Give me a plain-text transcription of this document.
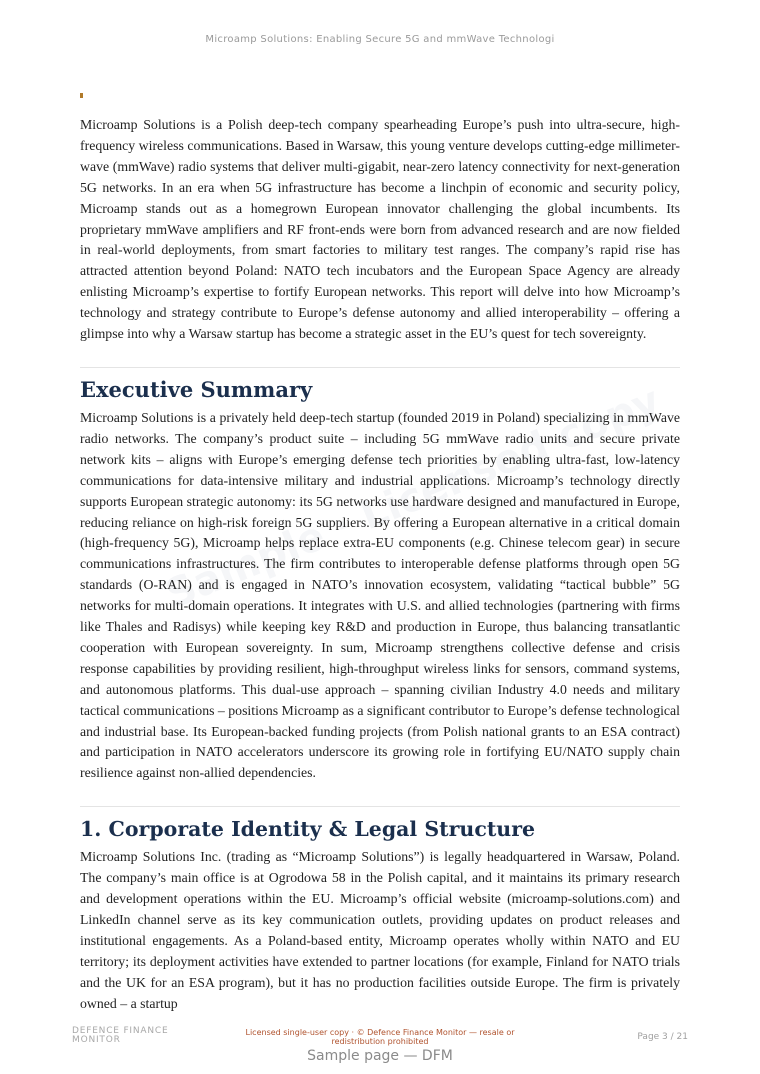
Microamp Solutions: Enabling Secure 5G and mmWave Technologi

Microamp Solutions is a Polish deep-tech company spearheading Europe’s push into ultra-secure, high-frequency wireless communications. Based in Warsaw, this young venture develops cutting-edge millimeter-wave (mmWave) radio systems that deliver multi-gigabit, near-zero latency connectivity for next-generation 5G networks. In an era when 5G infrastructure has become a linchpin of economic and security policy, Microamp stands out as a homegrown European innovator challenging the global incumbents. Its proprietary mmWave amplifiers and RF front-ends were born from advanced research and are now fielded in real-world deployments, from smart factories to military test ranges. The company’s rapid rise has attracted attention beyond Poland: NATO tech incubators and the European Space Agency are already enlisting Microamp’s expertise to fortify European networks. This report will delve into how Microamp’s technology and strategy contribute to Europe’s defense autonomy and allied interoperability – offering a glimpse into why a Warsaw startup has become a strategic asset in the EU’s quest for tech sovereignty.

Executive Summary

Microamp Solutions is a privately held deep-tech startup (founded 2019 in Poland) specializing in mmWave radio networks. The company’s product suite – including 5G mmWave radio units and secure private network kits – aligns with Europe’s emerging defense tech priorities by enabling ultra-fast, low-latency communications for data-intensive military and industrial applications. Microamp’s technology directly supports European strategic autonomy: its 5G networks use hardware designed and manufactured in Europe, reducing reliance on high-risk foreign 5G suppliers. By offering a European alternative in a critical domain (high-frequency 5G), Microamp helps replace extra-EU components (e.g. Chinese telecom gear) in secure communications infrastructures. The firm contributes to interoperable defense platforms through open 5G standards (O-RAN) and is engaged in NATO’s innovation ecosystem, validating “tactical bubble” 5G networks for multi-domain operations. It integrates with U.S. and allied technologies (partnering with firms like Thales and Radisys) while keeping key R&D and production in Europe, thus balancing transatlantic cooperation with European sovereignty. In sum, Microamp strengthens collective defense and crisis response capabilities by providing resilient, high-throughput wireless links for sensors, command systems, and autonomous platforms. This dual-use approach – spanning civilian Industry 4.0 needs and military tactical communications – positions Microamp as a significant contributor to Europe’s defense technological and industrial base. Its European-backed funding projects (from Polish national grants to an ESA contract) and participation in NATO accelerators underscore its growing role in fortifying EU/NATO supply chain resilience against non-allied dependencies.

1. Corporate Identity & Legal Structure

Microamp Solutions Inc. (trading as “Microamp Solutions”) is legally headquartered in Warsaw, Poland. The company’s main office is at Ogrodowa 58 in the Polish capital, and it maintains its primary research and development operations within the EU. Microamp’s official website (microamp-solutions.com) and LinkedIn channel serve as its key communication outlets, providing updates on product releases and institutional engagements. As a Poland-based entity, Microamp operates wholly within NATO and EU territory; its deployment activities have extended to partner locations (for example, Finland for NATO trials and the UK for an ESA program), but it has no production facilities outside Europe. The firm is privately owned – a startup

DEFENCE FINANCE
MONITOR
Licensed single-user copy · © Defence Finance Monitor — resale or redistribution prohibited	Page 3 / 21
Sample page — DFM
